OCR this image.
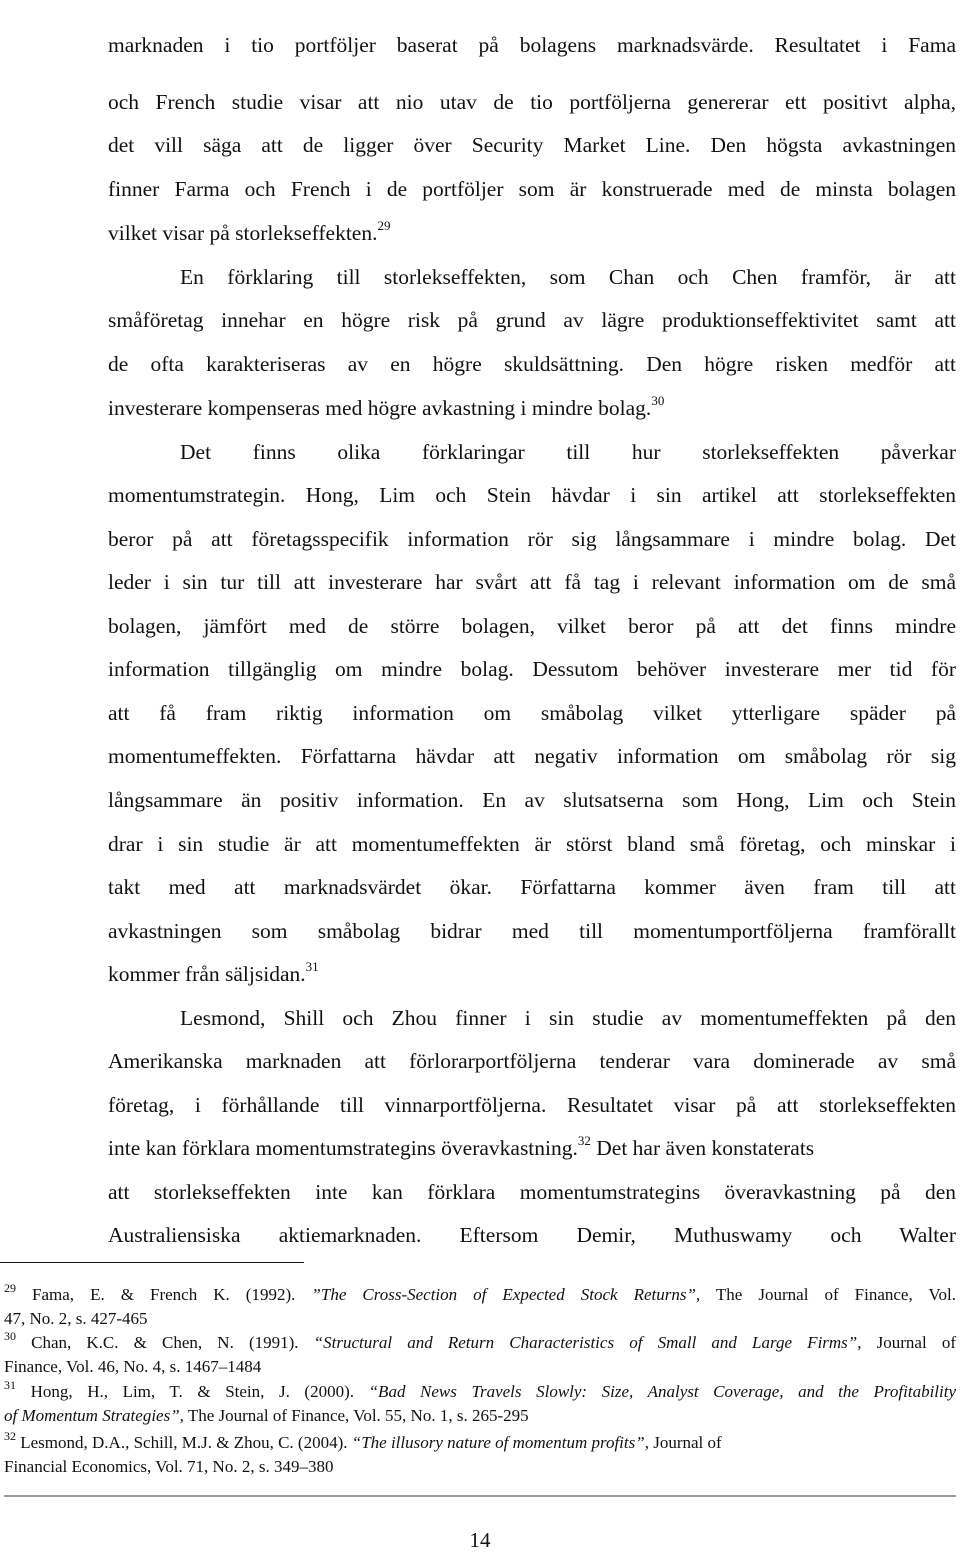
marknaden i tio portföljer baserat på bolagens marknadsvärde. Resultatet i Fama
och French studie visar att nio utav de tio portföljerna genererar ett positivt alpha,
det vill säga att de ligger över Security Market Line. Den högsta avkastningen
finner Farma och French i de portföljer som är konstruerade med de minsta bolagen
vilket visar på storlekseffekten.$^{29}$
En förklaring till storlekseffekten, som Chan och Chen framför, är att
småföretag innehar en högre risk på grund av lägre produktionseffektivitet samt att
de ofta karakteriseras av en högre skuldsättning. Den högre risken medför att
investerare kompenseras med högre avkastning i mindre bolag.$^{30}$
Det finns olika förklaringar till hur storlekseffekten påverkar
momentumstrategin. Hong, Lim och Stein hävdar i sin artikel att storlekseffekten
beror på att företagsspecifik information rör sig långsammare i mindre bolag. Det
leder i sin tur till att investerare har svårt att få tag i relevant information om de små
bolagen, jämfört med de större bolagen, vilket beror på att det finns mindre
information tillgänglig om mindre bolag. Dessutom behöver investerare mer tid för
att få fram riktig information om småbolag vilket ytterligare späder på
momentumeffekten. Författarna hävdar att negativ information om småbolag rör sig
långsammare än positiv information. En av slutsatserna som Hong, Lim och Stein
drar i sin studie är att momentumeffekten är störst bland små företag, och minskar i
takt med att marknadsvärdet ökar. Författarna kommer även fram till att
avkastningen som småbolag bidrar med till momentumportföljerna framförallt
kommer från säljsidan.$^{31}$
Lesmond, Shill och Zhou finner i sin studie av momentumeffekten på den
Amerikanska marknaden att förlorarportföljerna tenderar vara dominerade av små
företag, i förhållande till vinnarportföljerna. Resultatet visar på att storlekseffekten
inte kan förklara momentumstrategins överavkastning.$^{32}$ Det har även konstaterats
att storlekseffekten inte kan förklara momentumstrategins överavkastning på den
Australiensiska aktiemarknaden. Eftersom Demir, Muthuswamy och Walter
$^{29}$ Fama, E. & French K. (1992). ”The Cross-Section of Expected Stock Returns”, The Journal of Finance, Vol.
47, No. 2, s. 427-465
$^{30}$ Chan, K.C. & Chen, N. (1991). “Structural and Return Characteristics of Small and Large Firms”, Journal of
Finance, Vol. 46, No. 4, s. 1467–1484
$^{31}$ Hong, H., Lim, T. & Stein, J. (2000). “Bad News Travels Slowly: Size, Analyst Coverage, and the Profitability
of Momentum Strategies”, The Journal of Finance, Vol. 55, No. 1, s. 265-295
$^{32}$ Lesmond, D.A., Schill, M.J. & Zhou, C. (2004). “The illusory nature of momentum profits”, Journal of
Financial Economics, Vol. 71, No. 2, s. 349–380
14
